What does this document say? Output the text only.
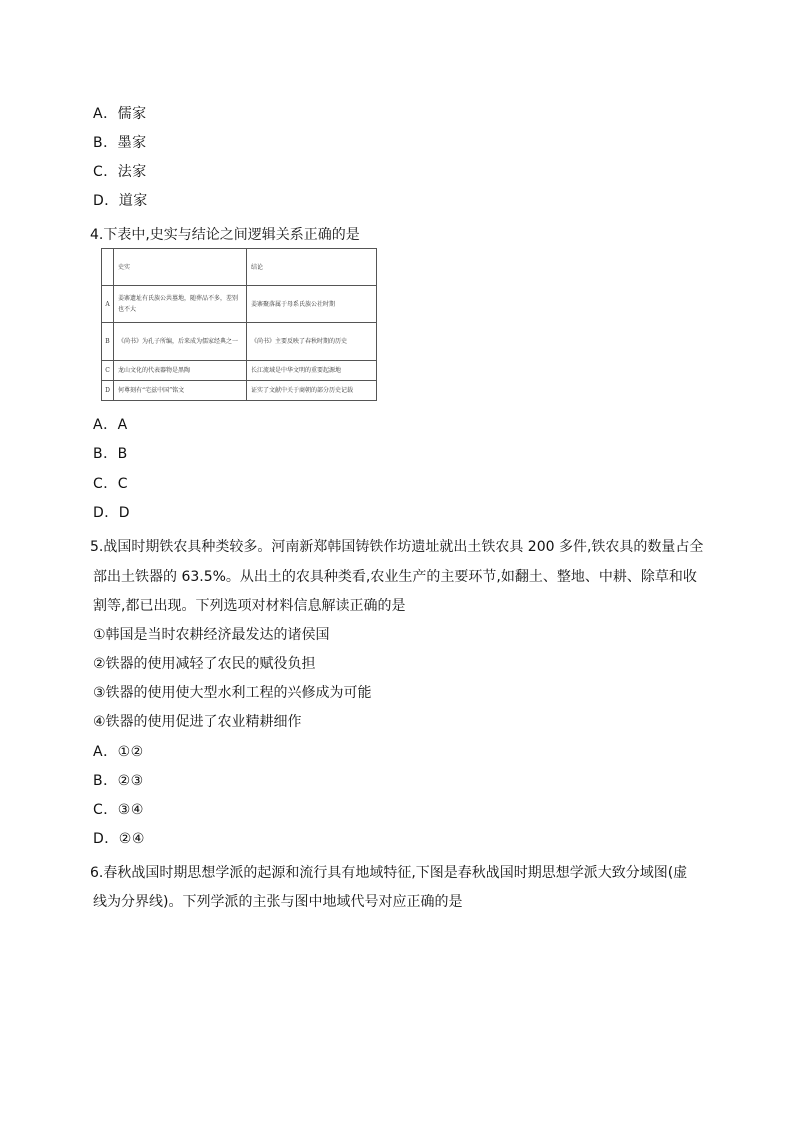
A．儒家
B．墨家
C．法家
D．道家
4.下表中,史实与结论之间逻辑关系正确的是
	史实	结论
A	姜寨遗址有氏族公共墓地，随葬品不多，差别也不大	姜寨聚落属于母系氏族公社时期
B	《尚书》为孔子所编，后来成为儒家经典之一	《尚书》主要反映了春秋时期的历史
C	龙山文化的代表器物是黑陶	长江流域是中华文明的重要起源地
D	何尊刻有“宅兹中国”铭文	证实了文献中关于商朝的部分历史记载
A．A
B．B
C．C
D．D
5.战国时期铁农具种类较多。河南新郑韩国铸铁作坊遗址就出土铁农具 200 多件,铁农具的数量占全
部出土铁器的 63.5%。从出土的农具种类看,农业生产的主要环节,如翻土、整地、中耕、除草和收
割等,都已出现。下列选项对材料信息解读正确的是
①韩国是当时农耕经济最发达的诸侯国
②铁器的使用减轻了农民的赋役负担
③铁器的使用使大型水利工程的兴修成为可能
④铁器的使用促进了农业精耕细作
A．①②
B．②③
C．③④
D．②④
6.春秋战国时期思想学派的起源和流行具有地域特征,下图是春秋战国时期思想学派大致分域图(虚
线为分界线)。下列学派的主张与图中地域代号对应正确的是
